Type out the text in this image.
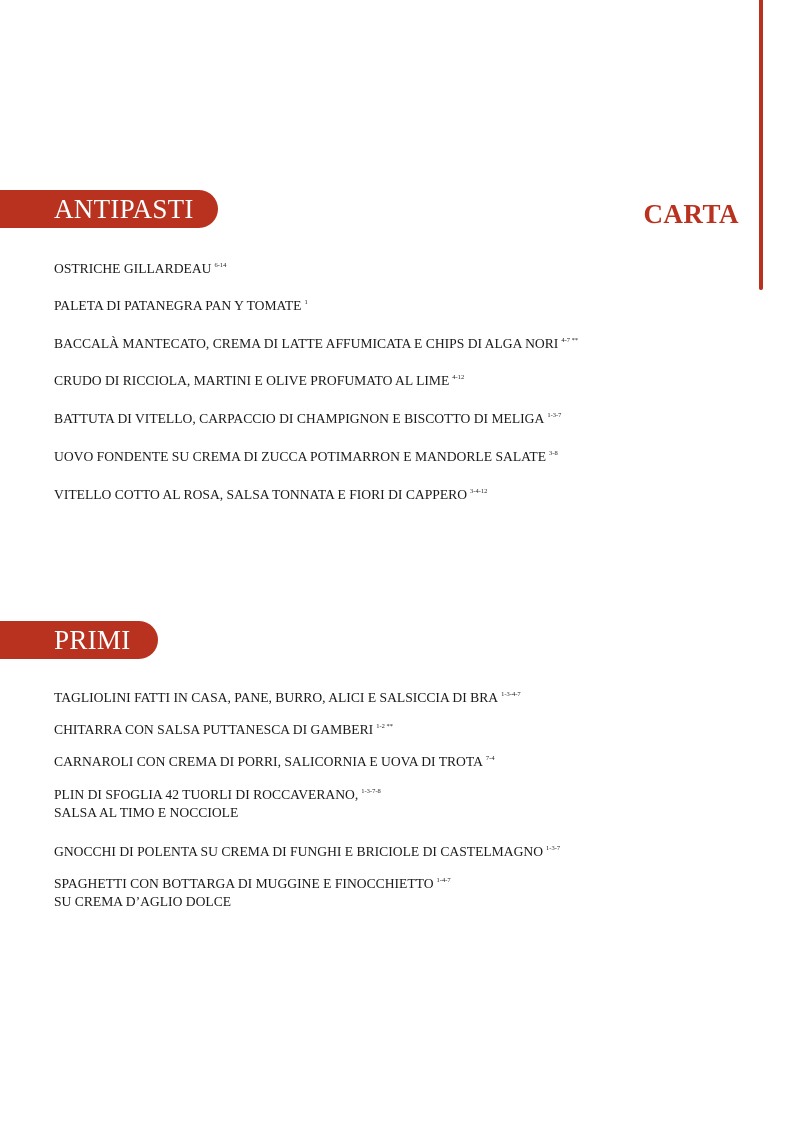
CARTA
ANTIPASTI
OSTRICHE GILLARDEAU $^{6-14}$
PALETA DI PATANEGRA PAN Y TOMATE $^1$
BACCALÀ MANTECATO, CREMA DI LATTE AFFUMICATA E CHIPS DI ALGA NORI $^{4-7 **}$
CRUDO DI RICCIOLA, MARTINI E OLIVE PROFUMATO AL LIME $^{4-12}$
BATTUTA DI VITELLO, CARPACCIO DI CHAMPIGNON E BISCOTTO DI MELIGA $^{1-3-7}$
UOVO FONDENTE SU CREMA DI ZUCCA POTIMARRON E MANDORLE SALATE $^{3-8}$
VITELLO COTTO AL ROSA, SALSA TONNATA E FIORI DI CAPPERO $^{3-4-12}$
PRIMI
TAGLIOLINI FATTI IN CASA, PANE, BURRO, ALICI E SALSICCIA DI BRA $^{1-3-4-7}$
CHITARRA CON SALSA PUTTANESCA DI GAMBERI $^{1-2 **}$
CARNAROLI CON CREMA DI PORRI, SALICORNIA E UOVA DI TROTA $^{7-4}$
PLIN DI SFOGLIA 42 TUORLI DI ROCCAVERANO, $^{1-3-7-8}$
SALSA AL TIMO E NOCCIOLE
GNOCCHI DI POLENTA SU CREMA DI FUNGHI E BRICIOLE DI CASTELMAGNO $^{1-3-7}$
SPAGHETTI CON BOTTARGA DI MUGGINE E FINOCCHIETTO $^{1-4-7}$
SU CREMA D’AGLIO DOLCE
